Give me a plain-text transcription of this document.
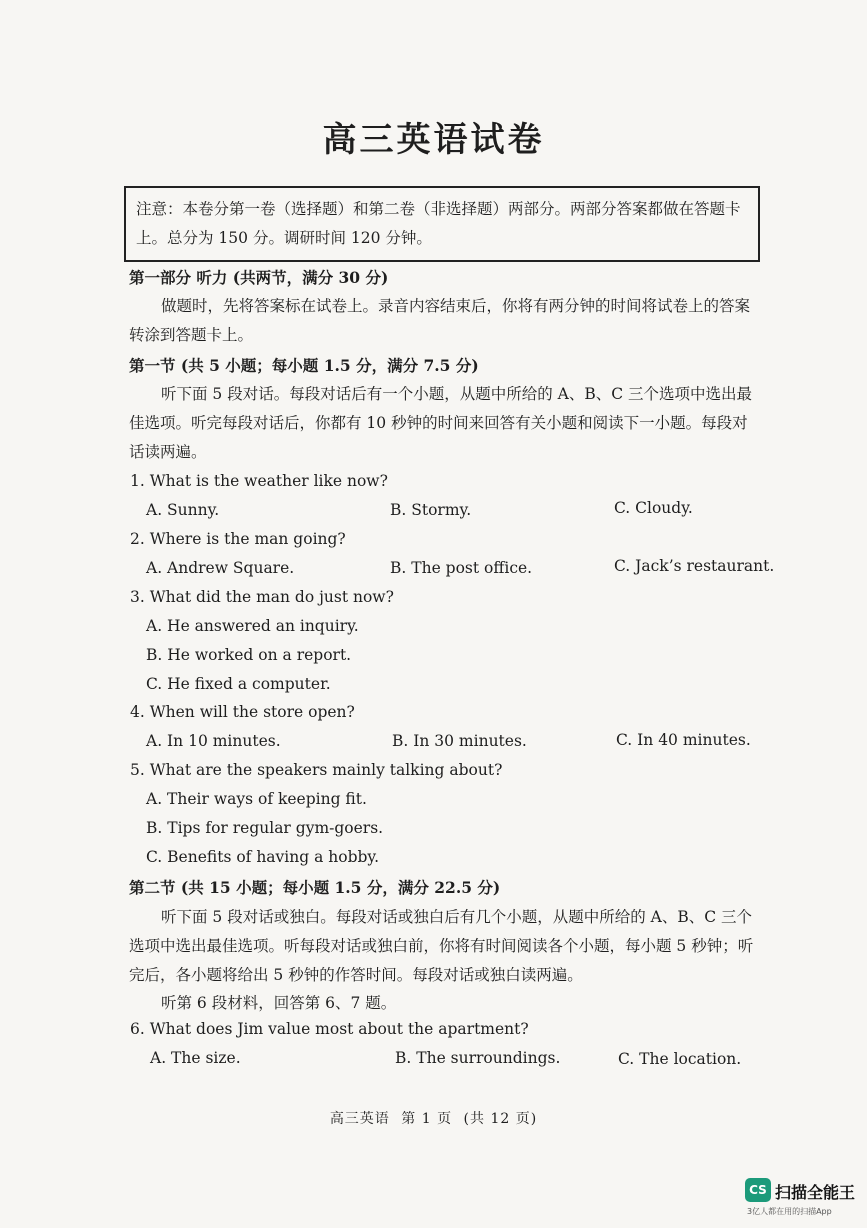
高三英语试卷
注意：本卷分第一卷（选择题）和第二卷（非选择题）两部分。两部分答案都做在答题卡上。总分为 150 分。调研时间 120 分钟。
第一部分 听力 (共两节，满分 30 分)
做题时，先将答案标在试卷上。录音内容结束后，你将有两分钟的时间将试卷上的答案转涂到答题卡上。
第一节 (共 5 小题；每小题 1.5 分，满分 7.5 分)
听下面 5 段对话。每段对话后有一个小题，从题中所给的 A、B、C 三个选项中选出最佳选项。听完每段对话后，你都有 10 秒钟的时间来回答有关小题和阅读下一小题。每段对话读两遍。
1. What is the weather like now?
A. Sunny.	B. Stormy.	C. Cloudy.
2. Where is the man going?
A. Andrew Square.	B. The post office.	C. Jack’s restaurant.
3. What did the man do just now?
A. He answered an inquiry.
B. He worked on a report.
C. He fixed a computer.
4. When will the store open?
A. In 10 minutes.	B. In 30 minutes.	C. In 40 minutes.
5. What are the speakers mainly talking about?
A. Their ways of keeping fit.
B. Tips for regular gym-goers.
C. Benefits of having a hobby.
第二节 (共 15 小题；每小题 1.5 分，满分 22.5 分)
听下面 5 段对话或独白。每段对话或独白后有几个小题，从题中所给的 A、B、C 三个选项中选出最佳选项。听每段对话或独白前，你将有时间阅读各个小题，每小题 5 秒钟；听完后，各小题将给出 5 秒钟的作答时间。每段对话或独白读两遍。
听第 6 段材料，回答第 6、7 题。
6. What does Jim value most about the apartment?
A. The size.	B. The surroundings.	C. The location.
高三英语 第 1 页 (共 12 页)
CS 扫描全能王
3亿人都在用的扫描App
